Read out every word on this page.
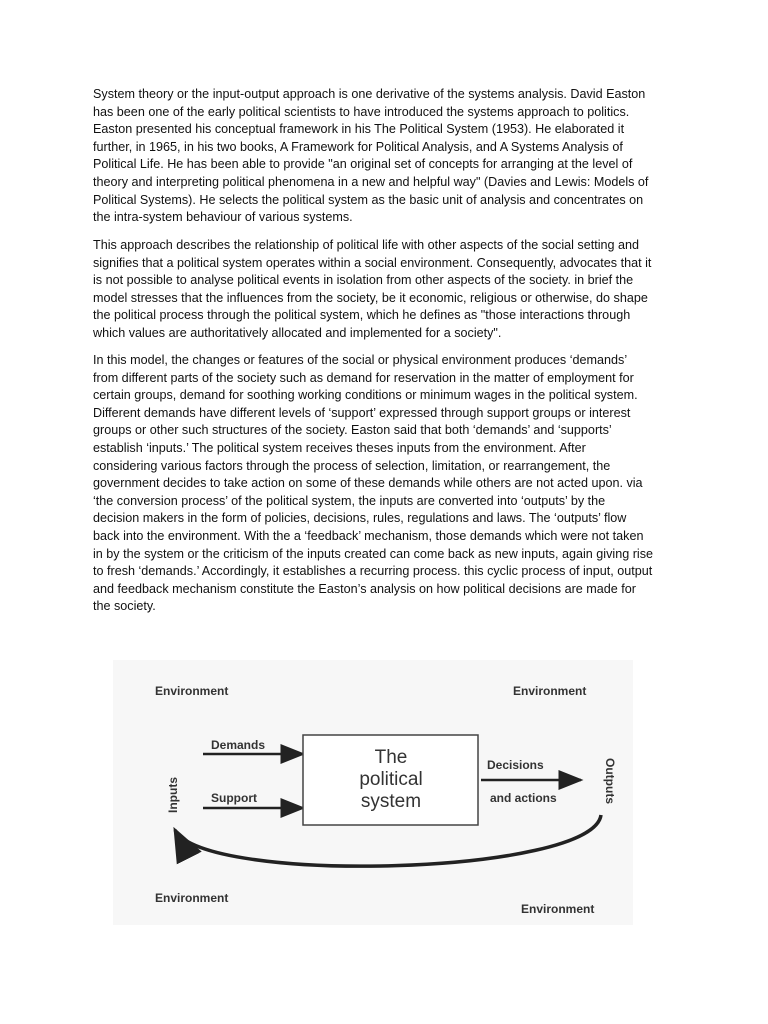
System theory or the input-output approach is one derivative of the systems analysis. David Easton
has been one of the early political scientists to have introduced the systems approach to politics.
Easton presented his conceptual framework in his The Political System (1953). He elaborated it
further, in 1965, in his two books, A Framework for Political Analysis, and A Systems Analysis of
Political Life. He has been able to provide "an original set of concepts for arranging at the level of
theory and interpreting political phenomena in a new and helpful way" (Davies and Lewis: Models of
Political Systems). He selects the political system as the basic unit of analysis and concentrates on
the intra-system behaviour of various systems.

This approach describes the relationship of political life with other aspects of the social setting and
signifies that a political system operates within a social environment. Consequently, advocates that it
is not possible to analyse political events in isolation from other aspects of the society. in brief the
model stresses that the influences from the society, be it economic, religious or otherwise, do shape
the political process through the political system, which he defines as "those interactions through
which values are authoritatively allocated and implemented for a society".

In this model, the changes or features of the social or physical environment produces ‘demands’
from different parts of the society such as demand for reservation in the matter of employment for
certain groups, demand for soothing working conditions or minimum wages in the political system.
Different demands have different levels of ‘support’ expressed through support groups or interest
groups or other such structures of the society. Easton said that both ‘demands’ and ‘supports’
establish ‘inputs.’ The political system receives theses inputs from the environment. After
considering various factors through the process of selection, limitation, or rearrangement, the
government decides to take action on some of these demands while others are not acted upon. via
‘the conversion process’ of the political system, the inputs are converted into ‘outputs’ by the
decision makers in the form of policies, decisions, rules, regulations and laws. The ‘outputs’ flow
back into the environment. With the a ‘feedback’ mechanism, those demands which were not taken
in by the system or the criticism of the inputs created can come back as new inputs, again giving rise
to fresh ‘demands.’ Accordingly, it establishes a recurring process. this cyclic process of input, output
and feedback mechanism constitute the Easton’s analysis on how political decisions are made for
the society.

Environment	Environment
Environment
Environment
Demands
Support
The
political
system
Decisions
and actions
Inputs	Outputs
